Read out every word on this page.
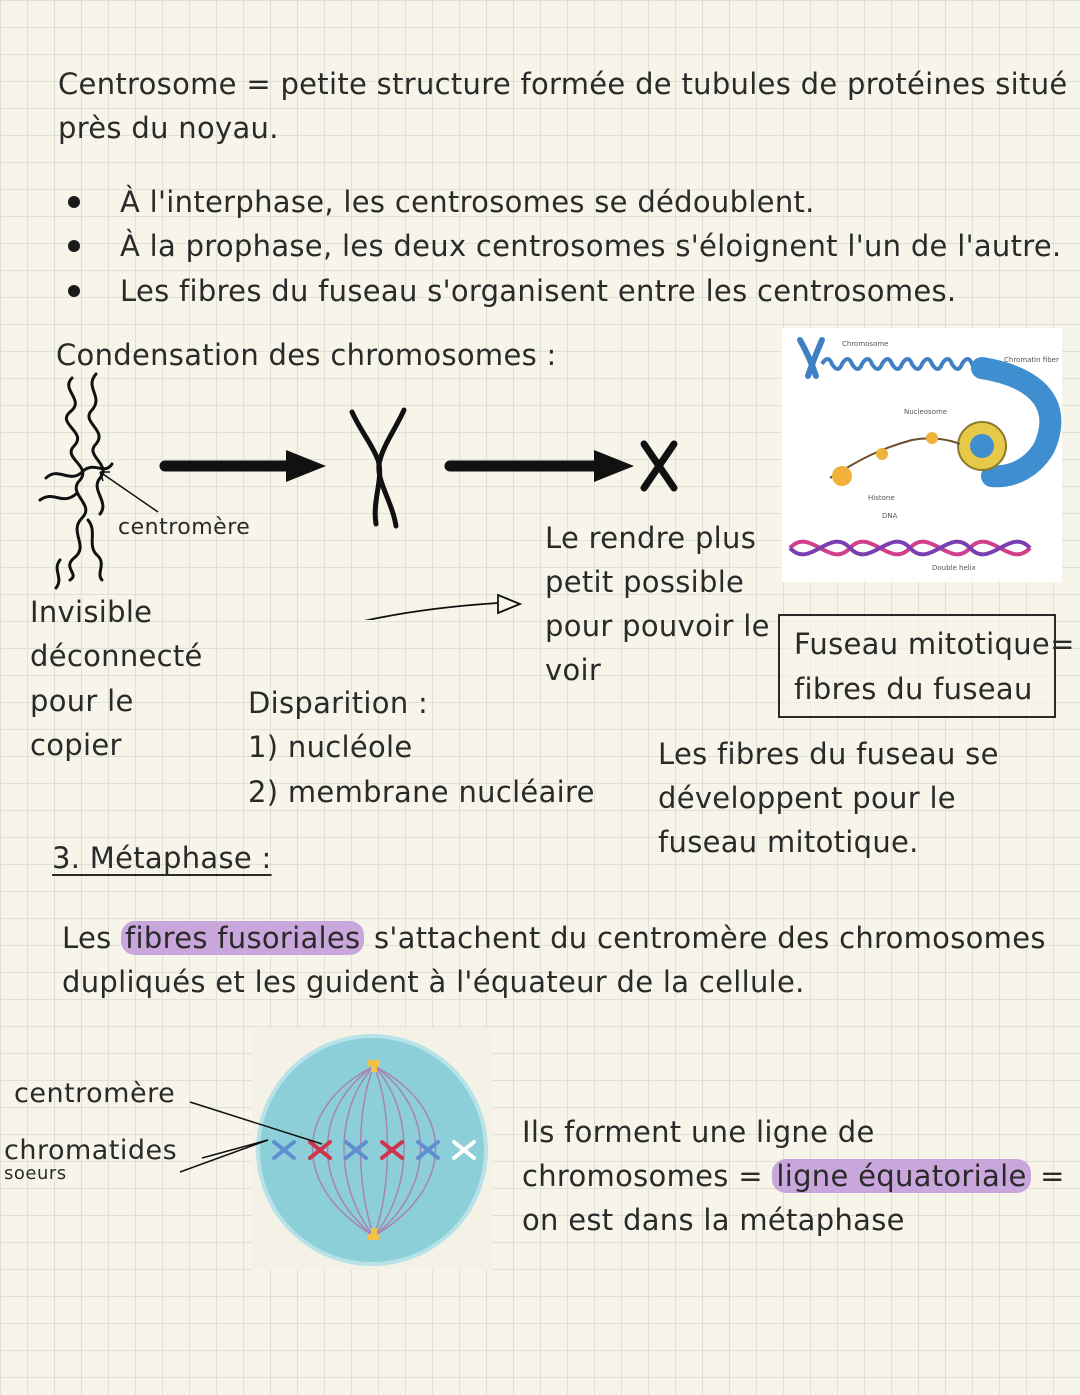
Centrosome = petite structure formée de tubules de protéines situé
près du noyau.
À l'interphase, les centrosomes se dédoublent.
À la prophase, les deux centrosomes s'éloignent l'un de l'autre.
Les fibres du fuseau s'organisent entre les centrosomes.
Condensation des chromosomes :
centromère
Invisible
déconnecté
pour le
copier
Le rendre plus
petit possible
pour pouvoir le
voir
Disparition :
1) nucléole
2) membrane nucléaire
Chromosome
Chromatin fiber
Nucleosome
Histone
DNA
Double helix
Fuseau mitotique=
fibres du fuseau
Les fibres du fuseau se
développent pour le
fuseau mitotique.
3. Métaphase :
Les fibres fusoriales s'attachent du centromère des chromosomes
dupliqués et les guident à l'équateur de la cellule.
centromère
chromatides
soeurs
Ils forment une ligne de
chromosomes = ligne équatoriale =
on est dans la métaphase
